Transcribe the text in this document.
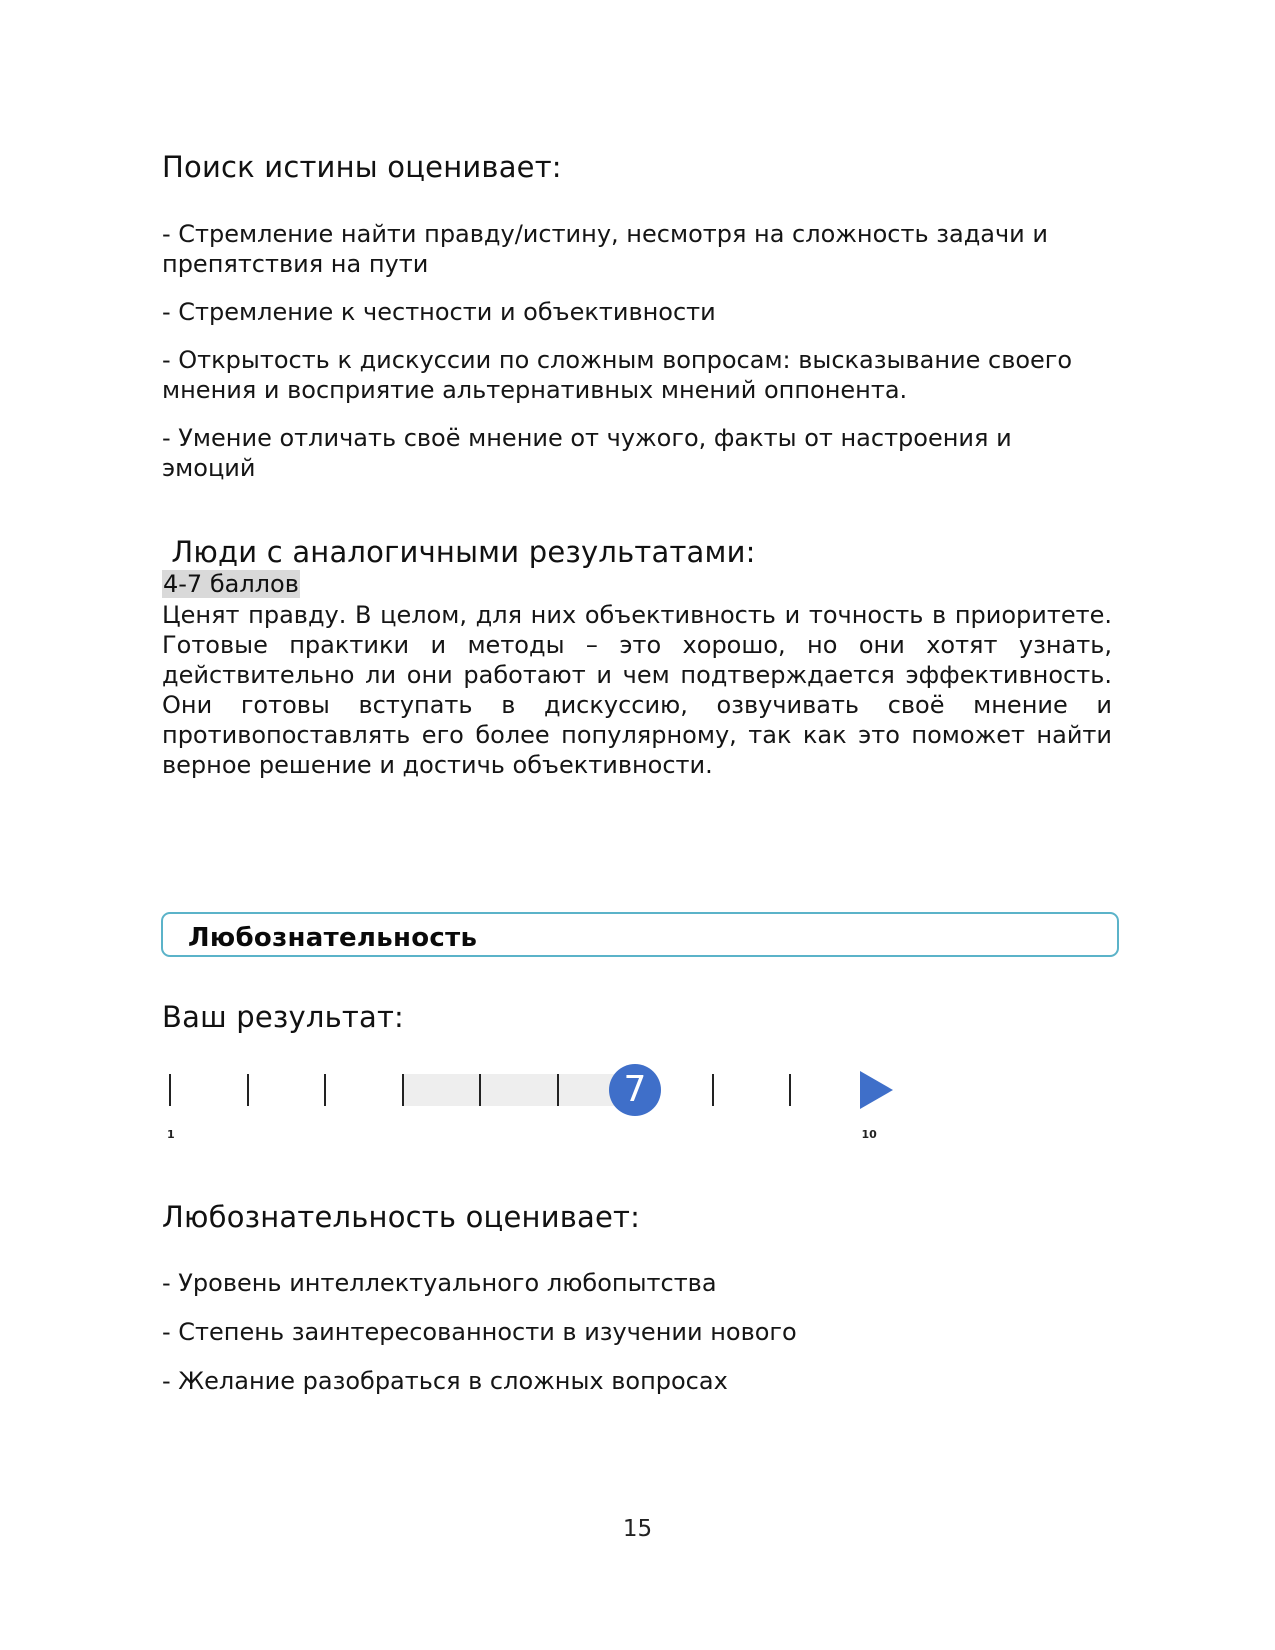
Поиск истины оценивает:

- Стремление найти правду/истину, несмотря на сложность задачи и препятствия на пути

- Стремление к честности и объективности

- Открытость к дискуссии по сложным вопросам: высказывание своего мнения и восприятие альтернативных мнений оппонента.

- Умение отличать своё мнение от чужого, факты от настроения и эмоций

Люди с аналогичными результатами:
4-7 баллов

Ценят правду. В целом, для них объективность и точность в приоритете. Готовые практики и методы – это хорошо, но они хотят узнать, действительно ли они работают и чем подтверждается эффективность. Они готовы вступать в дискуссию, озвучивать своё мнение и противопоставлять его более популярному, так как это поможет найти верное решение и достичь объективности.

Любознательность
Ваш результат:
7
1	10
Любознательность оценивает:

- Уровень интеллектуального любопытства

- Степень заинтересованности в изучении нового

- Желание разобраться в сложных вопросах

15
